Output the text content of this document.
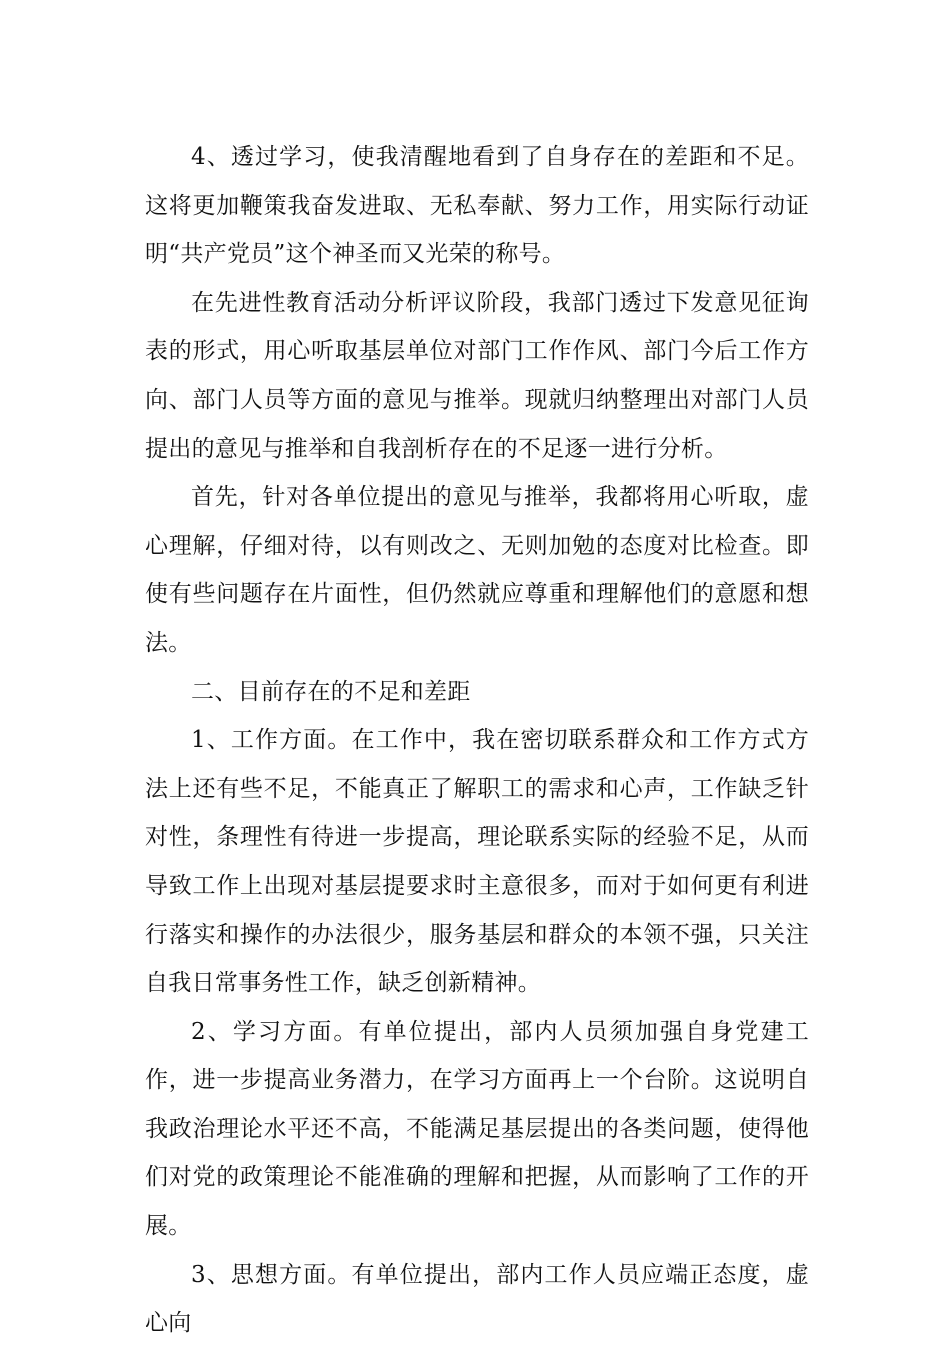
4、透过学习，使我清醒地看到了自身存在的差距和不足。这将更加鞭策我奋发进取、无私奉献、努力工作，用实际行动证明“共产党员”这个神圣而又光荣的称号。

在先进性教育活动分析评议阶段，我部门透过下发意见征询表的形式，用心听取基层单位对部门工作作风、部门今后工作方向、部门人员等方面的意见与推举。现就归纳整理出对部门人员提出的意见与推举和自我剖析存在的不足逐一进行分析。

首先，针对各单位提出的意见与推举，我都将用心听取，虚心理解，仔细对待，以有则改之、无则加勉的态度对比检查。即使有些问题存在片面性，但仍然就应尊重和理解他们的意愿和想法。

二、目前存在的不足和差距

1、工作方面。在工作中，我在密切联系群众和工作方式方法上还有些不足，不能真正了解职工的需求和心声，工作缺乏针对性，条理性有待进一步提高，理论联系实际的经验不足，从而导致工作上出现对基层提要求时主意很多，而对于如何更有利进行落实和操作的办法很少，服务基层和群众的本领不强，只关注自我日常事务性工作，缺乏创新精神。

2、学习方面。有单位提出，部内人员须加强自身党建工作，进一步提高业务潜力，在学习方面再上一个台阶。这说明自我政治理论水平还不高，不能满足基层提出的各类问题，使得他们对党的政策理论不能准确的理解和把握，从而影响了工作的开展。

3、思想方面。有单位提出，部内工作人员应端正态度，虚心向
